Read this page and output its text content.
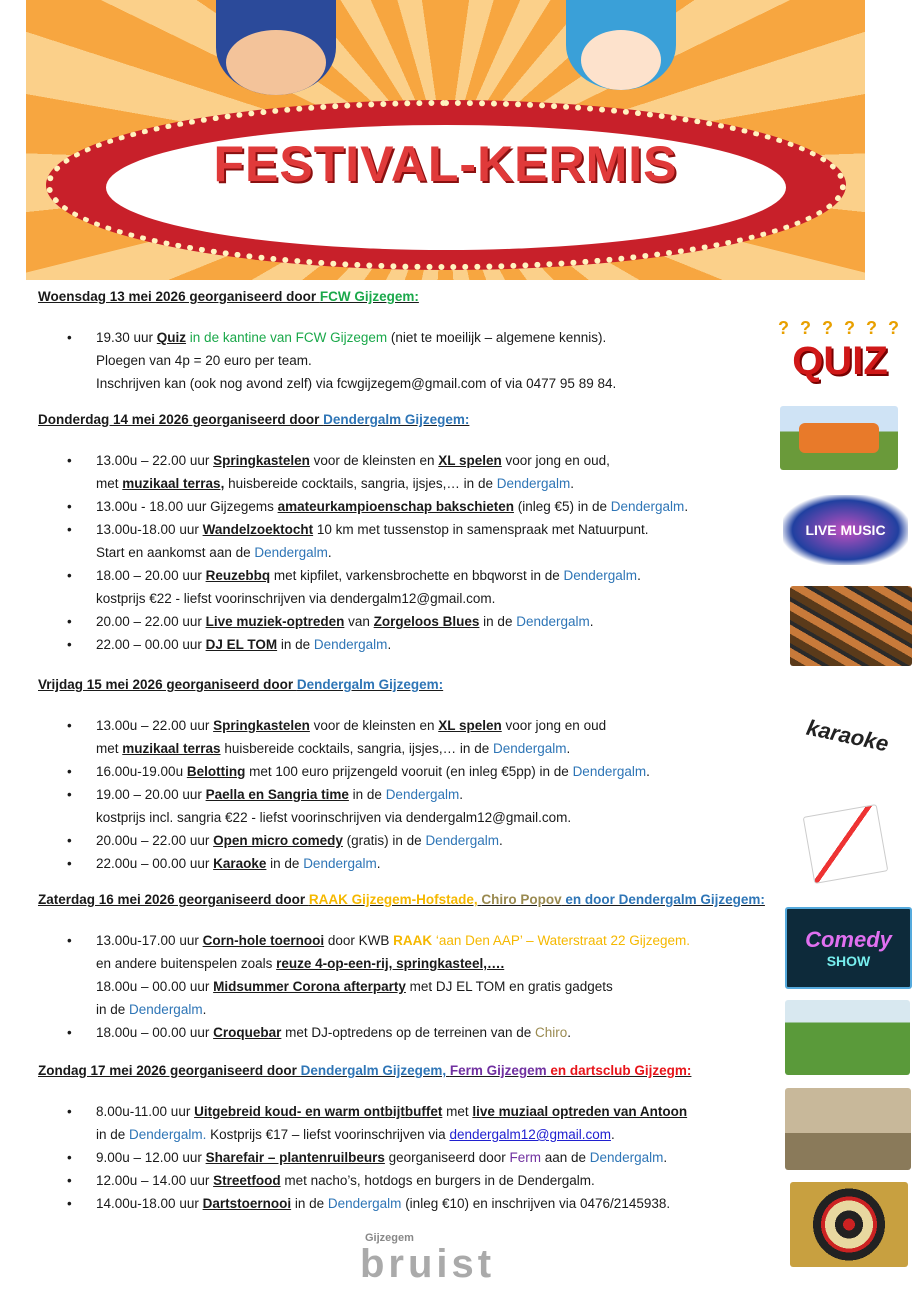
FESTIVAL-KERMIS
Woensdag 13 mei 2026 georganiseerd door FCW Gijzegem:
• 19.30 uur Quiz in de kantine van FCW Gijzegem (niet te moeilijk – algemene kennis).
Ploegen van 4p = 20 euro per team.
Inschrijven kan (ook nog avond zelf) via fcwgijzegem@gmail.com of via 0477 95 89 84.
Donderdag 14 mei 2026 georganiseerd door Dendergalm Gijzegem:
• 13.00u – 22.00 uur Springkastelen voor de kleinsten en XL spelen voor jong en oud,
met muzikaal terras, huisbereide cocktails, sangria, ijsjes,… in de Dendergalm.
• 13.00u - 18.00 uur Gijzegems amateurkampioenschap bakschieten (inleg €5) in de Dendergalm.
• 13.00u-18.00 uur Wandelzoektocht 10 km met tussenstop in samenspraak met Natuurpunt.
Start en aankomst aan de Dendergalm.
• 18.00 – 20.00 uur Reuzebbq met kipfilet, varkensbrochette en bbqworst in de Dendergalm.
kostprijs €22 - liefst voorinschrijven via dendergalm12@gmail.com.
• 20.00 – 22.00 uur Live muziek-optreden van Zorgeloos Blues in de Dendergalm.
• 22.00 – 00.00 uur DJ EL TOM in de Dendergalm.
Vrijdag 15 mei 2026 georganiseerd door Dendergalm Gijzegem:
• 13.00u – 22.00 uur Springkastelen voor de kleinsten en XL spelen voor jong en oud
met muzikaal terras huisbereide cocktails, sangria, ijsjes,… in de Dendergalm.
• 16.00u-19.00u Belotting met 100 euro prijzengeld vooruit (en inleg €5pp) in de Dendergalm.
• 19.00 – 20.00 uur Paella en Sangria time in de Dendergalm.
kostprijs incl. sangria €22 - liefst voorinschrijven via dendergalm12@gmail.com.
• 20.00u – 22.00 uur Open micro comedy (gratis) in de Dendergalm.
• 22.00u – 00.00 uur Karaoke in de Dendergalm.
Zaterdag 16 mei 2026 georganiseerd door RAAK Gijzegem-Hofstade, Chiro Popov en door Dendergalm Gijzegem:
• 13.00u-17.00 uur Corn-hole toernooi door KWB RAAK ‘aan Den AAP’ – Waterstraat 22 Gijzegem.
en andere buitenspelen zoals reuze 4-op-een-rij, springkasteel,….
18.00u – 00.00 uur Midsummer Corona afterparty met DJ EL TOM en gratis gadgets
in de Dendergalm.
• 18.00u – 00.00 uur Croquebar met DJ-optredens op de terreinen van de Chiro.
Zondag 17 mei 2026 georganiseerd door Dendergalm Gijzegem, Ferm Gijzegem en dartsclub Gijzegm:
• 8.00u-11.00 uur Uitgebreid koud- en warm ontbijtbuffet met live muziaal optreden van Antoon
in de Dendergalm. Kostprijs €17 – liefst voorinschrijven via dendergalm12@gmail.com.
• 9.00u – 12.00 uur Sharefair – plantenruilbeurs georganiseerd door Ferm aan de Dendergalm.
• 12.00u – 14.00 uur Streetfood met nacho’s, hotdogs en burgers in de Dendergalm.
• 14.00u-18.00 uur Dartstoernooi in de Dendergalm (inleg €10) en inschrijven via 0476/2145938.
? ? ? ? ? ?
QUIZ
LIVE MUSIC
karaoke
Comedy
SHOW
Gijzegem
bruist
